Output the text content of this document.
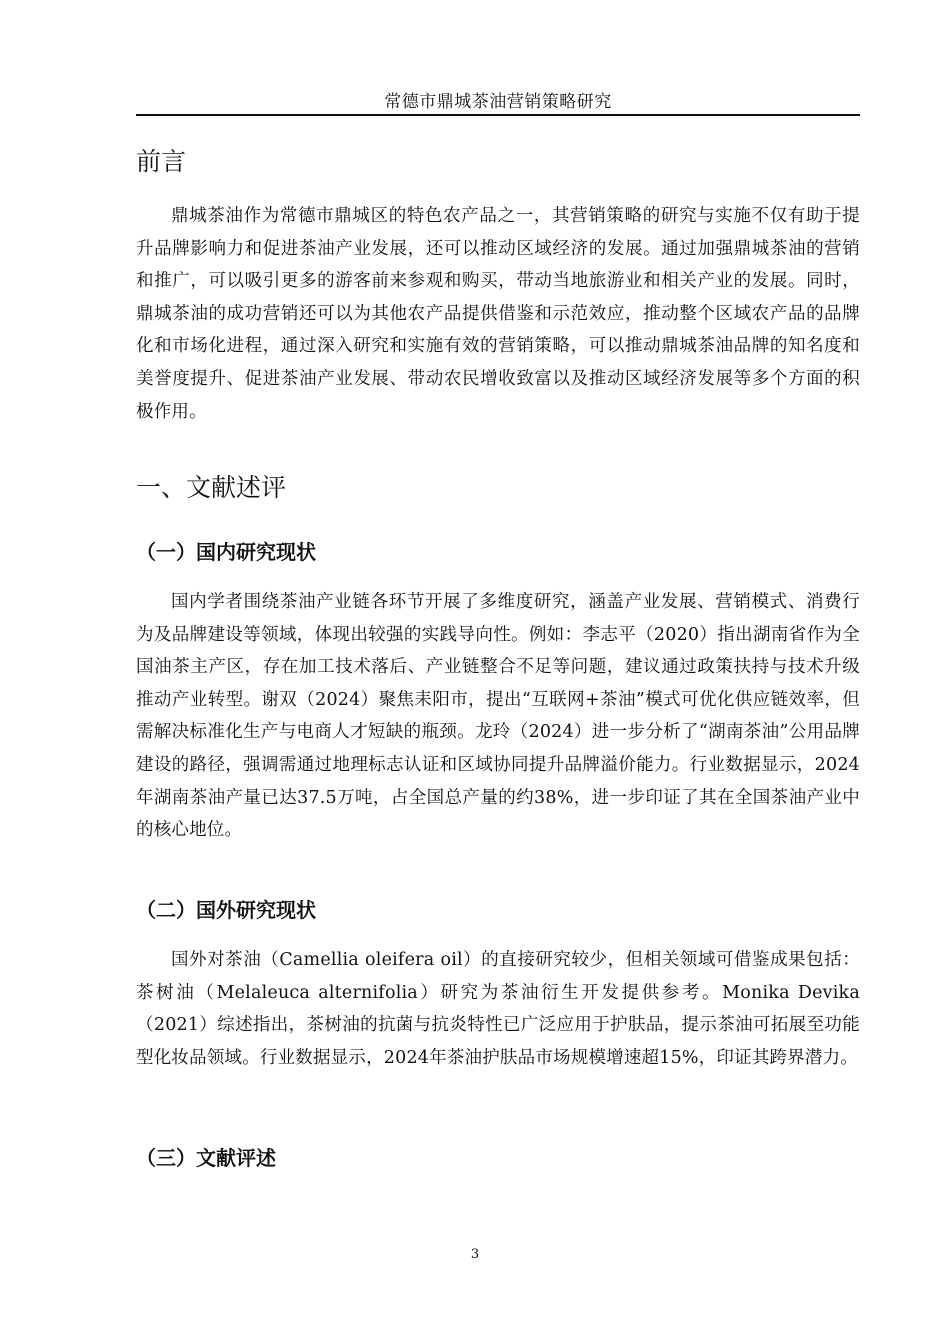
常德市鼎城茶油营销策略研究
前言

鼎城茶油作为常德市鼎城区的特色农产品之一，其营销策略的研究与实施不仅有助于提升品牌影响力和促进茶油产业发展，还可以推动区域经济的发展。通过加强鼎城茶油的营销和推广，可以吸引更多的游客前来参观和购买，带动当地旅游业和相关产业的发展。同时，鼎城茶油的成功营销还可以为其他农产品提供借鉴和示范效应，推动整个区域农产品的品牌化和市场化进程，通过深入研究和实施有效的营销策略，可以推动鼎城茶油品牌的知名度和美誉度提升、促进茶油产业发展、带动农民增收致富以及推动区域经济发展等多个方面的积极作用。

一、文献述评
（一）国内研究现状

国内学者围绕茶油产业链各环节开展了多维度研究，涵盖产业发展、营销模式、消费行为及品牌建设等领域，体现出较强的实践导向性。例如：李志平（2020）指出湖南省作为全国油茶主产区，存在加工技术落后、产业链整合不足等问题，建议通过政策扶持与技术升级推动产业转型。谢双（2024）聚焦耒阳市，提出“互联网+茶油”模式可优化供应链效率，但需解决标准化生产与电商人才短缺的瓶颈。龙玲（2024）进一步分析了“湖南茶油”公用品牌建设的路径，强调需通过地理标志认证和区域协同提升品牌溢价能力。行业数据显示，2024年湖南茶油产量已达37.5万吨，占全国总产量的约38%，进一步印证了其在全国茶油产业中的核心地位。

（二）国外研究现状

国外对茶油（Camellia oleifera oil）的直接研究较少，但相关领域可借鉴成果包括：茶树油（Melaleuca alternifolia）研究为茶油衍生开发提供参考。Monika Devika（2021）综述指出，茶树油的抗菌与抗炎特性已广泛应用于护肤品，提示茶油可拓展至功能型化妆品领域。行业数据显示，2024年茶油护肤品市场规模增速超15%，印证其跨界潜力。

（三）文献评述
3
